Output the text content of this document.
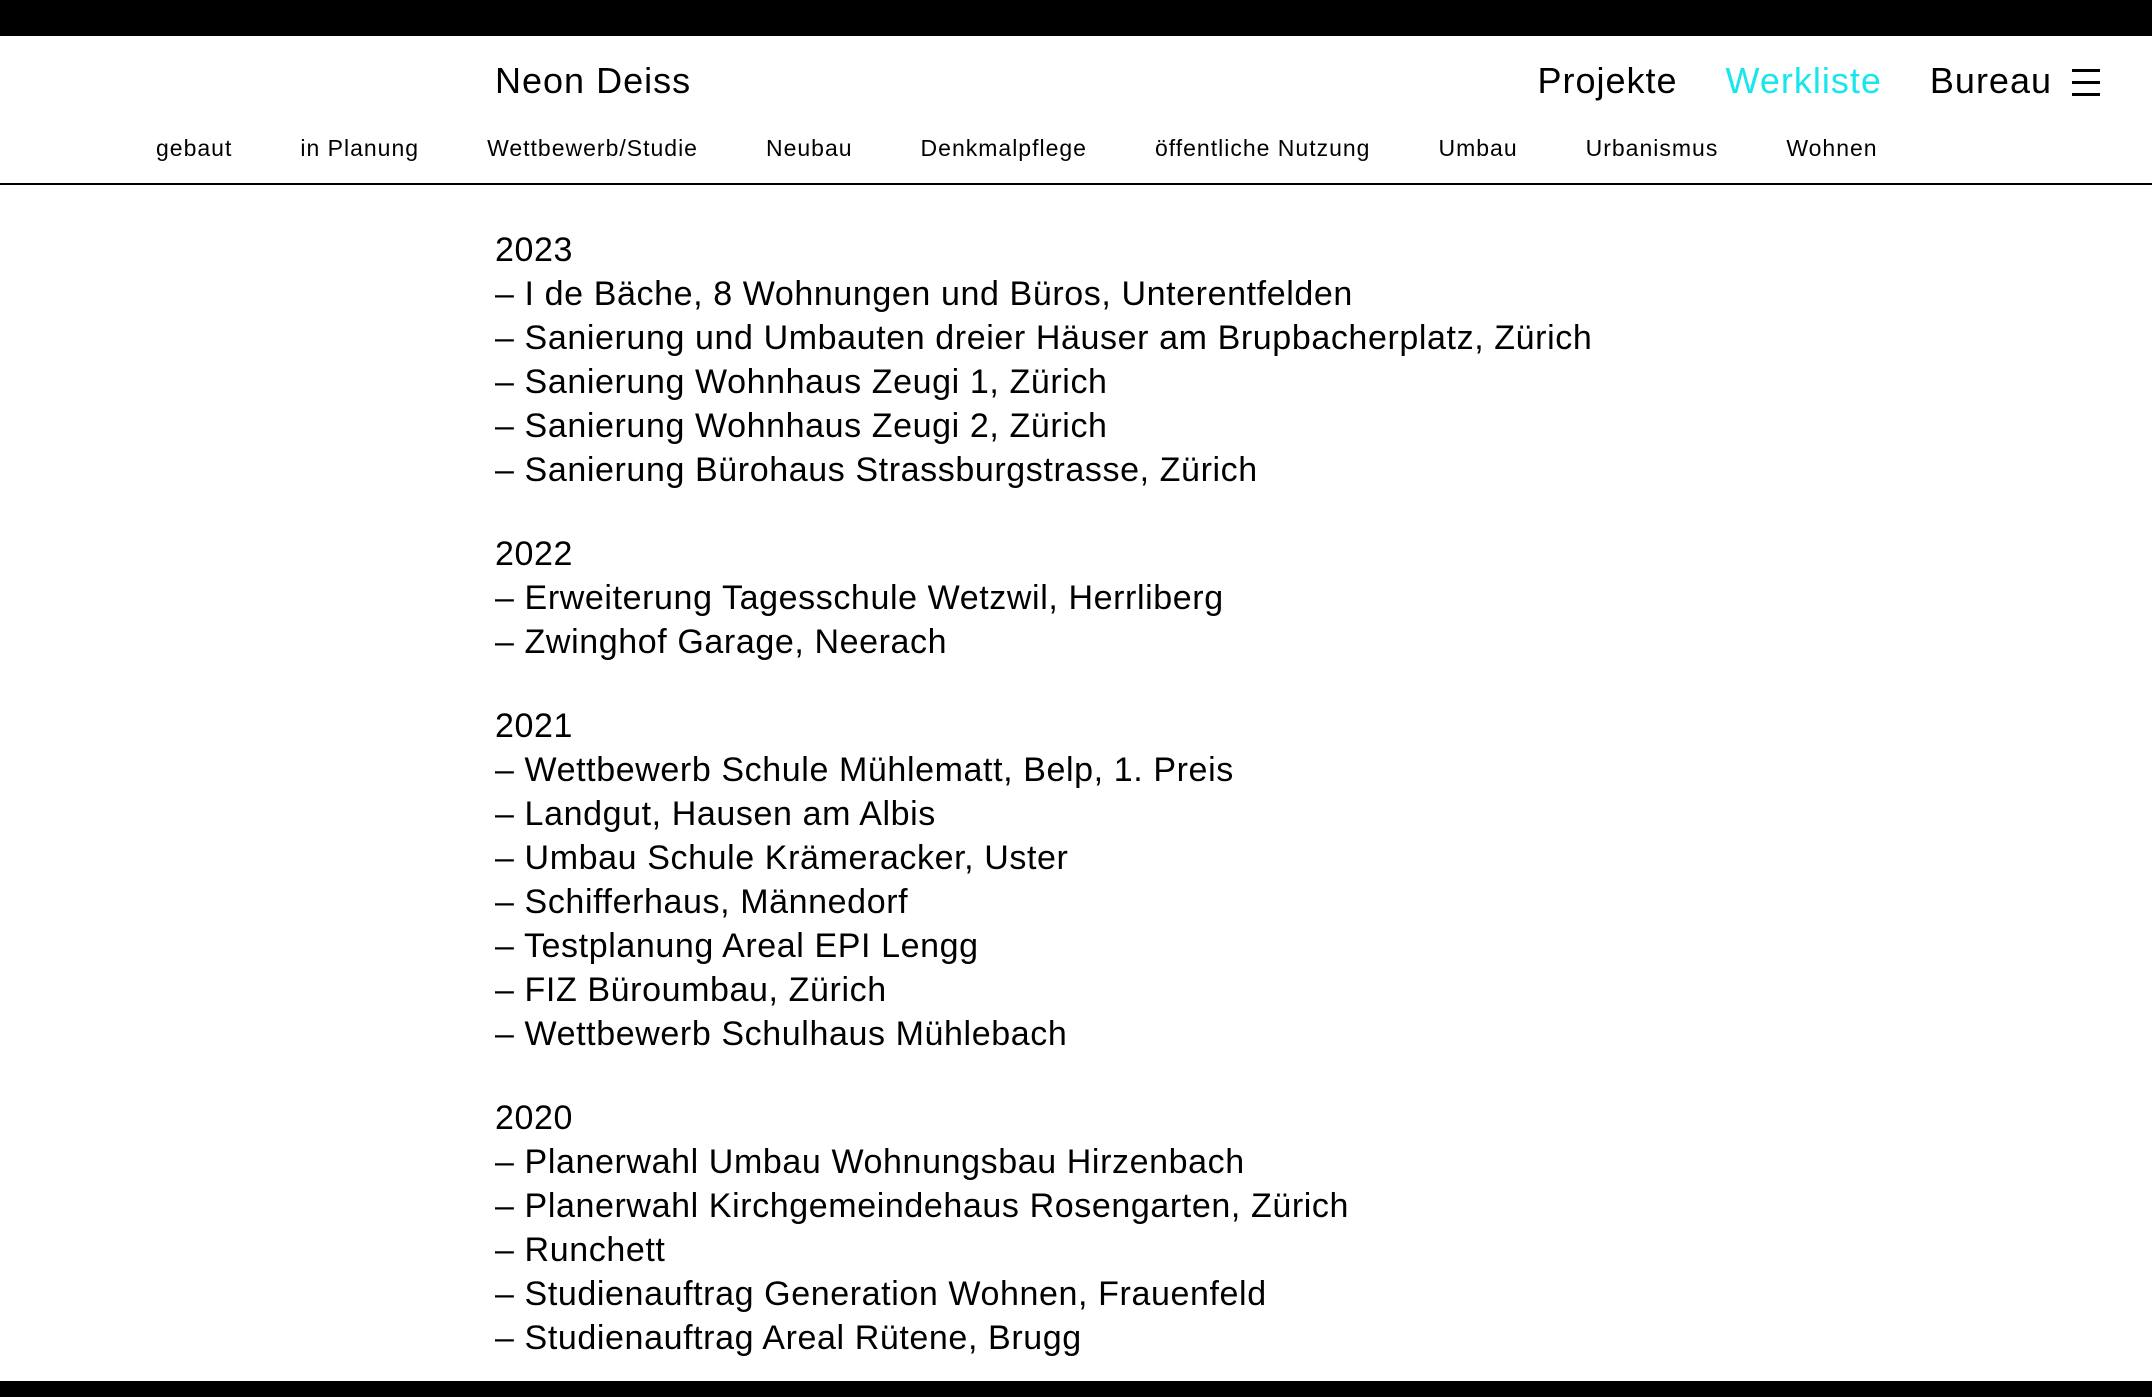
Neon Deiss	Projekte Werkliste Bureau
gebaut	in Planung	Wettbewerb/Studie	Neubau	Denkmalpflege	öffentliche Nutzung	Umbau	Urbanismus	Wohnen
2023
– I de Bäche, 8 Wohnungen und Büros, Unterentfelden
– Sanierung und Umbauten dreier Häuser am Brupbacherplatz, Zürich
– Sanierung Wohnhaus Zeugi 1, Zürich
– Sanierung Wohnhaus Zeugi 2, Zürich
– Sanierung Bürohaus Strassburgstrasse, Zürich
2022
– Erweiterung Tagesschule Wetzwil, Herrliberg
– Zwinghof Garage, Neerach
2021
– Wettbewerb Schule Mühlematt, Belp, 1. Preis
– Landgut, Hausen am Albis
– Umbau Schule Krämeracker, Uster
– Schifferhaus, Männedorf
– Testplanung Areal EPI Lengg
– FIZ Büroumbau, Zürich
– Wettbewerb Schulhaus Mühlebach
2020
– Planerwahl Umbau Wohnungsbau Hirzenbach
– Planerwahl Kirchgemeindehaus Rosengarten, Zürich
– Runchett
– Studienauftrag Generation Wohnen, Frauenfeld
– Studienauftrag Areal Rütene, Brugg
